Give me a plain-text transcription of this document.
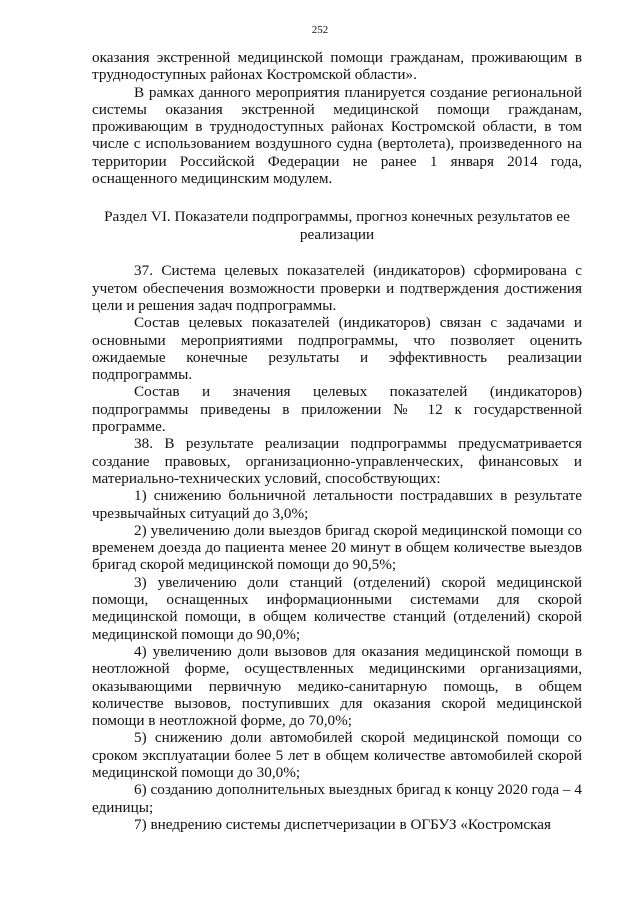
252

оказания экстренной медицинской помощи гражданам, проживающим в труднодоступных районах Костромской области».

В рамках данного мероприятия планируется создание региональной системы оказания экстренной медицинской помощи гражданам, проживающим в труднодоступных районах Костромской области, в том числе с использованием воздушного судна (вертолета), произведенного на территории Российской Федерации не ранее 1 января 2014 года, оснащенного медицинским модулем.

Раздел VI. Показатели подпрограммы, прогноз конечных результатов ее реализации

37. Система целевых показателей (индикаторов) сформирована с учетом обеспечения возможности проверки и подтверждения достижения цели и решения задач подпрограммы.

Состав целевых показателей (индикаторов) связан с задачами и основными мероприятиями подпрограммы, что позволяет оценить ожидаемые конечные результаты и эффективность реализации подпрограммы.

Состав и значения целевых показателей (индикаторов) подпрограммы приведены в приложении № 12 к государственной программе.

38. В результате реализации подпрограммы предусматривается создание правовых, организационно-управленческих, финансовых и материально-технических условий, способствующих:

1) снижению больничной летальности пострадавших в результате чрезвычайных ситуаций до 3,0%;

2) увеличению доли выездов бригад скорой медицинской помощи со временем доезда до пациента менее 20 минут в общем количестве выездов бригад скорой медицинской помощи до 90,5%;

3) увеличению доли станций (отделений) скорой медицинской помощи, оснащенных информационными системами для скорой медицинской помощи, в общем количестве станций (отделений) скорой медицинской помощи до 90,0%;

4) увеличению доли вызовов для оказания медицинской помощи в неотложной форме, осуществленных медицинскими организациями, оказывающими первичную медико-санитарную помощь, в общем количестве вызовов, поступивших для оказания скорой медицинской помощи в неотложной форме, до 70,0%;

5) снижению доли автомобилей скорой медицинской помощи со сроком эксплуатации более 5 лет в общем количестве автомобилей скорой медицинской помощи до 30,0%;

6) созданию дополнительных выездных бригад к концу 2020 года – 4 единицы;

7) внедрению системы диспетчеризации в ОГБУЗ «Костромская
